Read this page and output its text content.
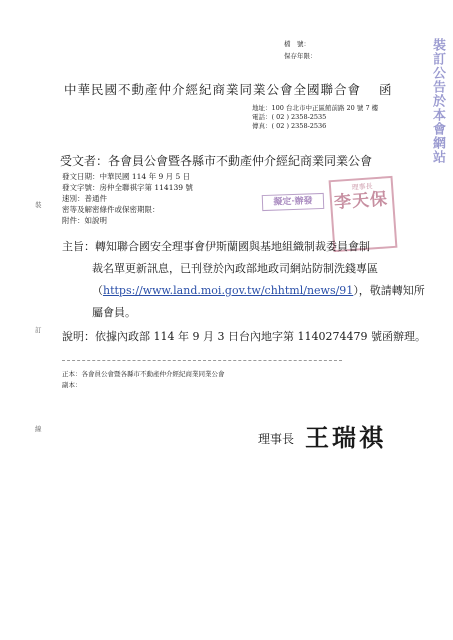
檔　號：
保存年限：	裝訂公告於本會網站
中華民國不動產仲介經紀商業同業公會全國聯合會 函
地址：100 台北市中正區館前路 20 號 7 樓
電話：( 02 ) 2358-2535
傳真：( 02 ) 2358-2536
受文者：各會員公會暨各縣市不動產仲介經紀商業同業公會
發文日期：中華民國 114 年 9 月 5 日
發文字號：房仲全聯祺字第 114139 號
速別：普通件
密等及解密條件或保密期限：
附件：如說明
裝
訂
線
擬定·辦發
理事長
李天保
主旨：轉知聯合國安全理事會伊斯蘭國與基地組織制裁委員會制
裁名單更新訊息，已刊登於內政部地政司網站防制洗錢專區
（https://www.land.moi.gov.tw/chhtml/news/91），敬請轉知所
屬會員。
說明：依據內政部 114 年 9 月 3 日台內地字第 1140274479 號函辦理。
正本：各會員公會暨各縣市不動產仲介經紀商業同業公會
副本：
理事長 王瑞祺
